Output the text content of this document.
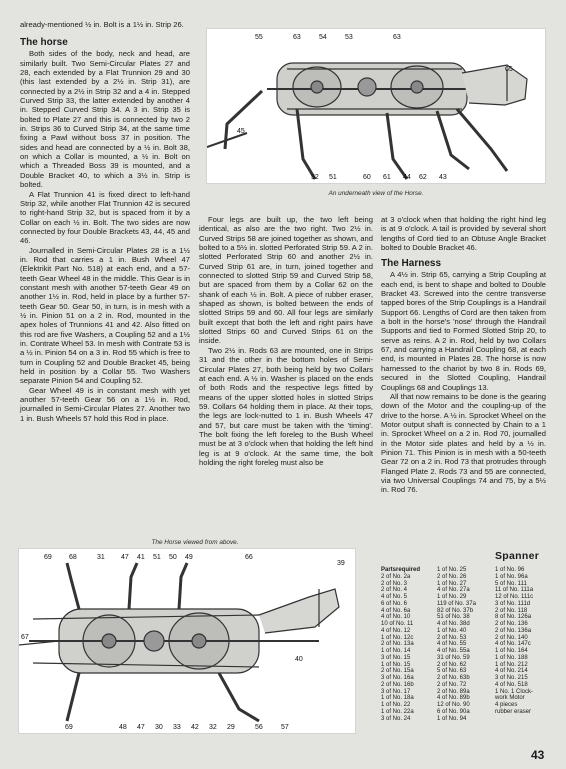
already-mentioned ½ in. Bolt is a 1½ in. Strip 26.

The horse

Both sides of the body, neck and head, are similarly built. Two Semi-Circular Plates 27 and 28, each extended by a Flat Trunnion 29 and 30 (this last extended by a 2½ in. Strip 31), are connected by a 2½ in Strip 32 and a 4 in. Stepped Curved Strip 33, the latter extended by another 4 in. Stepped Curved Strip 34. A 3 in. Strip 35 is bolted to Plate 27 and this is connected by two 2 in. Strips 36 to Curved Strip 34, at the same time fixing a Pawl without boss 37 in position. The sides and head are connected by a ½ in. Bolt 38, on which a Collar is mounted, a ½ in. Bolt on which a Threaded Boss 39 is mounted, and a Double Bracket 40, to which a 3½ in. Strip is bolted.

A Flat Trunnion 41 is fixed direct to left-hand Strip 32, while another Flat Trunnion 42 is secured to right-hand Strip 32, but is spaced from it by a Collar on each ½ in. Bolt. The two sides are now connected by four Double Brackets 43, 44, 45 and 46.

Journalled in Semi-Circular Plates 28 is a 1½ in. Rod that carries a 1 in. Bush Wheel 47 (Elektrikit Part No. 518) at each end, and a 57-teeth Gear Wheel 48 in the middle. This Gear is in constant mesh with another 57-teeth Gear 49 on another 1½ in. Rod, held in place by a further 57-teeth Gear 50. Gear 50, in turn, is in mesh with a ½ in. Pinion 51 on a 2 in. Rod, mounted in the apex holes of Trunnions 41 and 42. Also fitted on this rod are five Washers, a Coupling 52 and a 1½ in. Contrate Wheel 53. In mesh with Contrate 53 is a ½ in. Pinion 54 on a 3 in. Rod 55 which is free to turn in Coupling 52 and Double Bracket 45, being held in position by a Collar 55. Two Washers separate Pinion 54 and Coupling 52.

Gear Wheel 49 is in constant mesh with yet another 57-teeth Gear 56 on a 1½ in. Rod, journalled in Semi-Circular Plates 27. Another two 1 in. Bush Wheels 57 hold this Rod in place.

55	63	54	53	63
65
45
52 51	60 61 44 62 43
An underneath view of the Horse.

Four legs are built up, the two left being identical, as also are the two right. Two 2½ in. Curved Strips 58 are joined together as shown, and bolted to a 5½ in. slotted Perforated Strip 59. A 2 in. slotted Perforated Strip 60 and another 2½ in. Curved Strip 61 are, in turn, joined together and connected to slotted Strip 59 and Curved Strip 58, but are spaced from them by a Collar 62 on the shank of each ½ in. Bolt. A piece of rubber eraser, shaped as shown, is bolted between the ends of slotted Strips 59 and 60. All four legs are similarly built except that both the left and right pairs have slotted Strips 60 and Curved Strips 61 on the inside.

Two 2½ in. Rods 63 are mounted, one in Strips 31 and the other in the bottom holes of Semi-Circular Plates 27, both being held by two Collars at each end. A ½ in. Washer is placed on the ends of both Rods and the respective legs fitted by means of the upper slotted holes in slotted Strips 59. Collars 64 holding them in place. At their tops, the legs are lock-nutted to 1 in. Bush Wheels 47 and 57, but care must be taken with the 'timing'. The bolt fixing the left foreleg to the Bush Wheel must be at 3 o'clock when that holding the left hind leg is at 9 o'clock. At the same time, the bolt holding the right foreleg must also be

at 3 o'clock when that holding the right hind leg is at 9 o'clock. A tail is provided by several short lengths of Cord tied to an Obtuse Angle Bracket bolted to Double Bracket 46.

The Harness

A 4½ in. Strip 65, carrying a Strip Coupling at each end, is bent to shape and bolted to Double Bracket 43. Screwed into the centre transverse tapped bores of the Strip Couplings is a Handrail Support 66. Lengths of Cord are then taken from a bolt in the horse's 'nose' through the Handrail Supports and tied to Formed Slotted Strip 20, to serve as reins. A 2 in. Rod, held by two Collars 67, and carrying a Handrail Coupling 68, at each end, is mounted in Plates 28. The horse is now harnessed to the chariot by two 8 in. Rods 69, secured in the Slotted Coupling, Handrail Couplings 68 and Couplings 13.

All that now remains to be done is the gearing down of the Motor and the coupling-up of the drive to the horse. A ½ in. Sprocket Wheel on the Motor output shaft is connected by Chain to a 1 in. Sprocket Wheel on a 2 in. Rod 70, journalled in the Motor side plates and held by a ½ in. Pinion 71. This Pinion is in mesh with a 50-teeth Gear 72 on a 2 in. Rod 73 that protrudes through Flanged Plate 2. Rods 73 and 55 are connected, via two Universal Couplings 74 and 75, by a 5½ in. Rod 76.

The Horse viewed from above.
69 68	31 47 41 51 50 49	66
39
67
40
69	48 47 30 33 42 32 29	56	57
Spanner
Partsrequired
2 of No. 2a
2 of No. 3
2 of No. 4
4 of No. 5
6 of No. 6
4 of No. 6a
4 of No. 10
10 of No. 11
4 of No. 12
1 of No. 12c
2 of No. 13a
1 of No. 14
3 of No. 15
1 of No. 15
2 of No. 15a
3 of No. 16a
2 of No. 16b
3 of No. 17
1 of No. 18a
1 of No. 22
1 of No. 22a
3 of No. 24
1 of No. 25
2 of No. 26
1 of No. 27
4 of No. 27a
1 of No. 29
119 of No. 37a
82 of No. 37b
51 of No. 38
4 of No. 38d
1 of No. 40
2 of No. 53
4 of No. 55
4 of No. 55a
31 of No. 59
2 of No. 62
5 of No. 63
2 of No. 63b
2 of No. 72
2 of No. 89a
4 of No. 89b
12 of No. 90
6 of No. 90a
1 of No. 94
1 of No. 96
1 of No. 96a
5 of No. 111
11 of No. 111a
12 of No. 111c
3 of No. 111d
2 of No. 118
8 of No. 126a
2 of No. 136
2 of No. 136a
2 of No. 140
4 of No. 147c
1 of No. 164
1 of No. 188
1 of No. 212
4 of No. 214
3 of No. 215
4 of No. 518
1 No. 1 Clock-
work Motor
4 pieces
rubber eraser
43
